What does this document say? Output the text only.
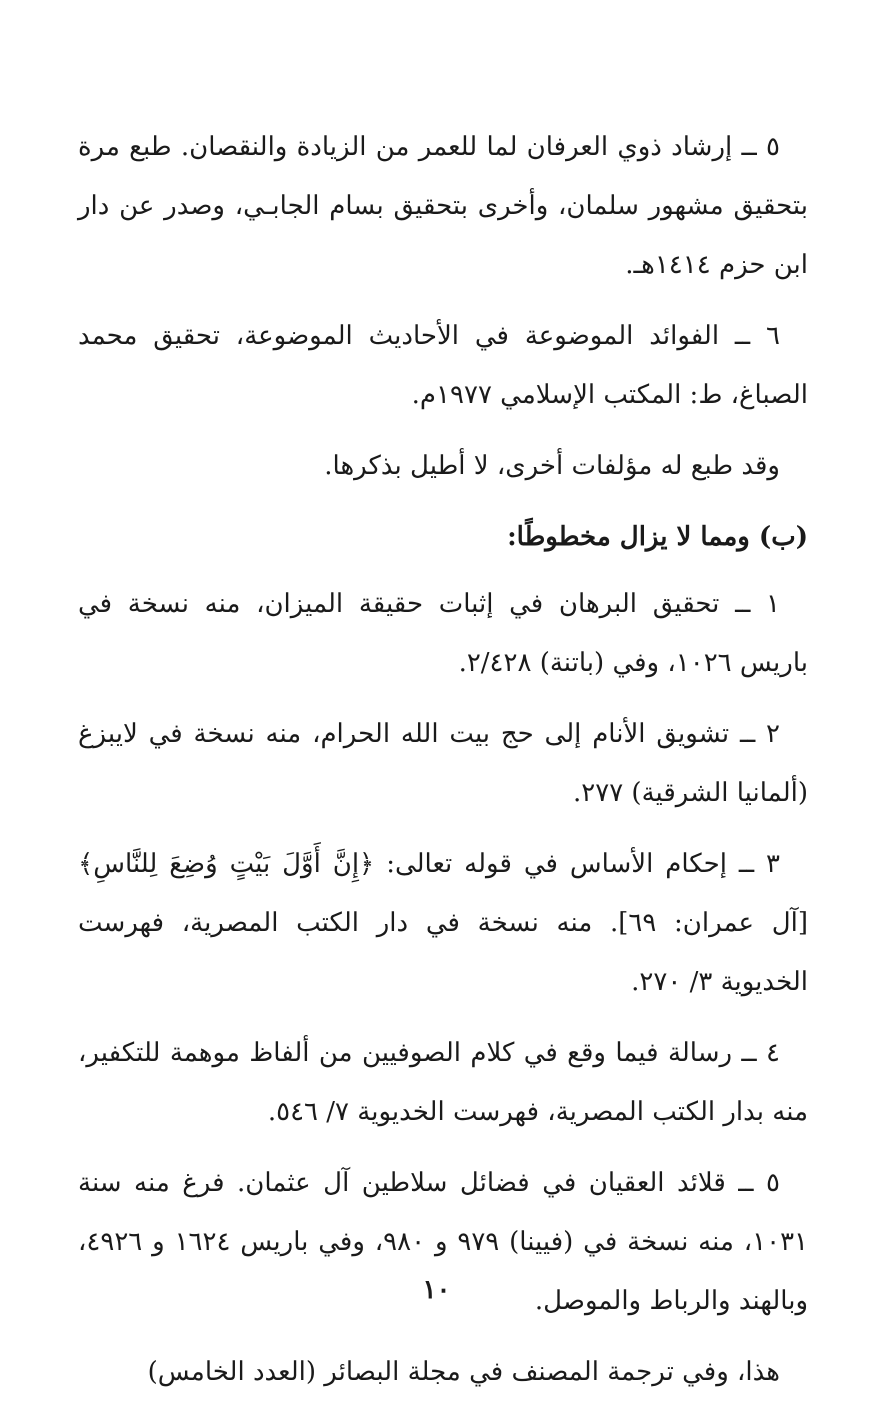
٥ ــ إرشاد ذوي العرفان لما للعمر من الزيادة والنقصان. طبع مرة بتحقيق مشهور سلمان، وأخرى بتحقيق بسام الجابـي، وصدر عن دار ابن حزم ١٤١٤هـ.

٦ ــ الفوائد الموضوعة في الأحاديث الموضوعة، تحقيق محمد الصباغ، ط: المكتب الإسلامي ١٩٧٧م.

وقد طبع له مؤلفات أخرى، لا أطيل بذكرها.

(ب) ومما لا يزال مخطوطًا:

١ ــ تحقيق البرهان في إثبات حقيقة الميزان، منه نسخة في باريس ١٠٢٦، وفي (باتنة) ٢/٤٢٨.

٢ ــ تشويق الأنام إلى حج بيت الله الحرام، منه نسخة في لايبزغ (ألمانيا الشرقية) ٢٧٧.

٣ ــ إحكام الأساس في قوله تعالى: ﴿إِنَّ أَوَّلَ بَيْتٍ وُضِعَ لِلنَّاسِ﴾ [آل عمران: ٦٩]. منه نسخة في دار الكتب المصرية، فهرست الخديوية ٣/ ٢٧٠.

٤ ــ رسالة فيما وقع في كلام الصوفيين من ألفاظ موهمة للتكفير، منه بدار الكتب المصرية، فهرست الخديوية ٧/ ٥٤٦.

٥ ــ قلائد العقيان في فضائل سلاطين آل عثمان. فرغ منه سنة ١٠٣١، منه نسخة في (فيينا) ٩٧٩ و ٩٨٠، وفي باريس ١٦٢٤ و ٤٩٢٦، وبالهند والرباط والموصل.

هذا، وفي ترجمة المصنف في مجلة البصائر (العدد الخامس)

١٠
